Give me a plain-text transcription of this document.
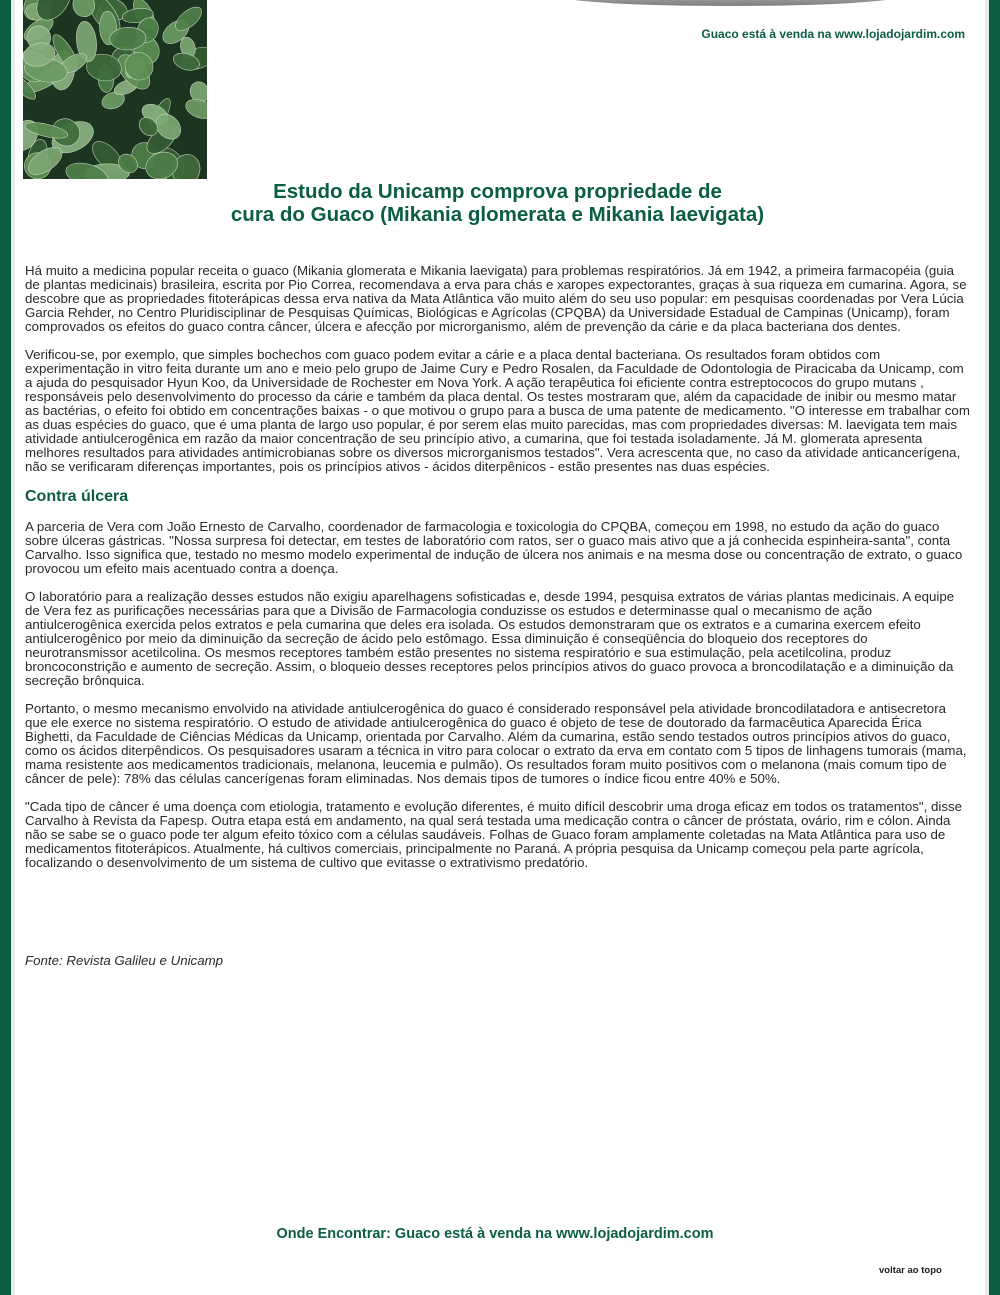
Guaco está à venda na www.lojadojardim.com
Estudo da Unicamp comprova propriedade de
cura do Guaco (Mikania glomerata e Mikania laevigata)

Há muito a medicina popular receita o guaco (Mikania glomerata e Mikania laevigata) para problemas respiratórios. Já em 1942, a primeira farmacopéia (guia de plantas medicinais) brasileira, escrita por Pio Correa, recomendava a erva para chás e xaropes expectorantes, graças à sua riqueza em cumarina. Agora, se descobre que as propriedades fitoterápicas dessa erva nativa da Mata Atlântica vão muito além do seu uso popular: em pesquisas coordenadas por Vera Lúcia Garcia Rehder, no Centro Pluridisciplinar de Pesquisas Químicas, Biológicas e Agrícolas (CPQBA) da Universidade Estadual de Campinas (Unicamp), foram comprovados os efeitos do guaco contra câncer, úlcera e afecção por microrganismo, além de prevenção da cárie e da placa bacteriana dos dentes.

Verificou-se, por exemplo, que simples bochechos com guaco podem evitar a cárie e a placa dental bacteriana. Os resultados foram obtidos com experimentação in vitro feita durante um ano e meio pelo grupo de Jaime Cury e Pedro Rosalen, da Faculdade de Odontologia de Piracicaba da Unicamp, com a ajuda do pesquisador Hyun Koo, da Universidade de Rochester em Nova York. A ação terapêutica foi eficiente contra estreptococos do grupo mutans , responsáveis pelo desenvolvimento do processo da cárie e também da placa dental. Os testes mostraram que, além da capacidade de inibir ou mesmo matar as bactérias, o efeito foi obtido em concentrações baixas - o que motivou o grupo para a busca de uma patente de medicamento. "O interesse em trabalhar com as duas espécies do guaco, que é uma planta de largo uso popular, é por serem elas muito parecidas, mas com propriedades diversas: M. laevigata tem mais atividade antiulcerogênica em razão da maior concentração de seu princípio ativo, a cumarina, que foi testada isoladamente. Já M. glomerata apresenta melhores resultados para atividades antimicrobianas sobre os diversos microrganismos testados". Vera acrescenta que, no caso da atividade anticancerígena, não se verificaram diferenças importantes, pois os princípios ativos - ácidos diterpênicos - estão presentes nas duas espécies.

Contra úlcera

A parceria de Vera com João Ernesto de Carvalho, coordenador de farmacologia e toxicologia do CPQBA, começou em 1998, no estudo da ação do guaco sobre úlceras gástricas. "Nossa surpresa foi detectar, em testes de laboratório com ratos, ser o guaco mais ativo que a já conhecida espinheira-santa", conta Carvalho. Isso significa que, testado no mesmo modelo experimental de indução de úlcera nos animais e na mesma dose ou concentração de extrato, o guaco provocou um efeito mais acentuado contra a doença.

O laboratório para a realização desses estudos não exigiu aparelhagens sofisticadas e, desde 1994, pesquisa extratos de várias plantas medicinais. A equipe de Vera fez as purificações necessárias para que a Divisão de Farmacologia conduzisse os estudos e determinasse qual o mecanismo de ação antiulcerogênica exercida pelos extratos e pela cumarina que deles era isolada. Os estudos demonstraram que os extratos e a cumarina exercem efeito antiulcerogênico por meio da diminuição da secreção de ácido pelo estômago. Essa diminuição é conseqüência do bloqueio dos receptores do neurotransmissor acetilcolina. Os mesmos receptores também estão presentes no sistema respiratório e sua estimulação, pela acetilcolina, produz broncoconstrição e aumento de secreção. Assim, o bloqueio desses receptores pelos princípios ativos do guaco provoca a broncodilatação e a diminuição da secreção brônquica.

Portanto, o mesmo mecanismo envolvido na atividade antiulcerogênica do guaco é considerado responsável pela atividade broncodilatadora e antisecretora que ele exerce no sistema respiratório. O estudo de atividade antiulcerogênica do guaco é objeto de tese de doutorado da farmacêutica Aparecida Érica Bighetti, da Faculdade de Ciências Médicas da Unicamp, orientada por Carvalho. Além da cumarina, estão sendo testados outros princípios ativos do guaco, como os ácidos diterpêndicos. Os pesquisadores usaram a técnica in vitro para colocar o extrato da erva em contato com 5 tipos de linhagens tumorais (mama, mama resistente aos medicamentos tradicionais, melanona, leucemia e pulmão). Os resultados foram muito positivos com o melanona (mais comum tipo de câncer de pele): 78% das células cancerígenas foram eliminadas. Nos demais tipos de tumores o índice ficou entre 40% e 50%.

"Cada tipo de câncer é uma doença com etiologia, tratamento e evolução diferentes, é muito difícil descobrir uma droga eficaz em todos os tratamentos", disse Carvalho à Revista da Fapesp. Outra etapa está em andamento, na qual será testada uma medicação contra o câncer de próstata, ovário, rim e cólon. Ainda não se sabe se o guaco pode ter algum efeito tóxico com a células saudáveis. Folhas de Guaco foram amplamente coletadas na Mata Atlântica para uso de medicamentos fitoterápicos. Atualmente, há cultivos comerciais, principalmente no Paraná. A própria pesquisa da Unicamp começou pela parte agrícola, focalizando o desenvolvimento de um sistema de cultivo que evitasse o extrativismo predatório.

Fonte: Revista Galileu e Unicamp
Onde Encontrar: Guaco está à venda na www.lojadojardim.com
voltar ao topo
